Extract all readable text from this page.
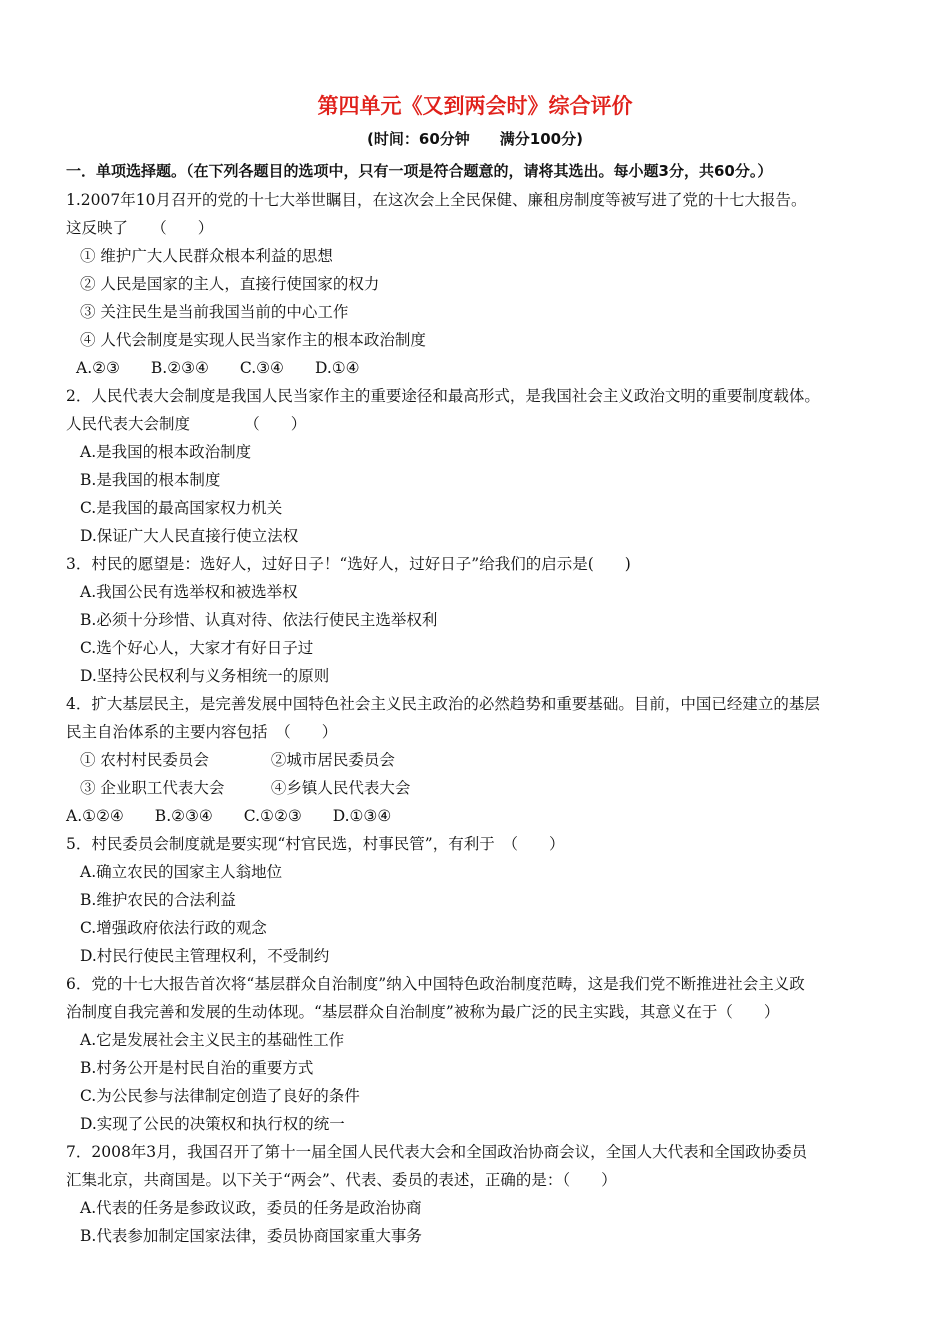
第四单元《又到两会时》综合评价
(时间：60分钟　　满分100分)
一．单项选择题。（在下列各题目的选项中，只有一项是符合题意的，请将其选出。每小题3分，共60分。）
1.2007年10月召开的党的十七大举世瞩目，在这次会上全民保健、廉租房制度等被写进了党的十七大报告。
这反映了　　（　　）
① 维护广大人民群众根本利益的思想
② 人民是国家的主人，直接行使国家的权力
③ 关注民生是当前我国当前的中心工作
④ 人代会制度是实现人民当家作主的根本政治制度
A.②③　　B.②③④　　C.③④　　D.①④
2．人民代表大会制度是我国人民当家作主的重要途径和最高形式，是我国社会主义政治文明的重要制度载体。
人民代表大会制度　　　　（　　）
A.是我国的根本政治制度
B.是我国的根本制度
C.是我国的最高国家权力机关
D.保证广大人民直接行使立法权
3．村民的愿望是：选好人，过好日子！“选好人，过好日子”给我们的启示是(　　)
A.我国公民有选举权和被选举权
B.必须十分珍惜、认真对待、依法行使民主选举权利
C.选个好心人，大家才有好日子过
D.坚持公民权利与义务相统一的原则
4．扩大基层民主，是完善发展中国特色社会主义民主政治的必然趋势和重要基础。目前，中国已经建立的基层
民主自治体系的主要内容包括　（　　）
① 农村村民委员会　　　　②城市居民委员会
③ 企业职工代表大会　　　④乡镇人民代表大会
A.①②④　　B.②③④　　C.①②③　　D.①③④
5．村民委员会制度就是要实现“村官民选，村事民管”，有利于　（　　）
A.确立农民的国家主人翁地位
B.维护农民的合法利益
C.增强政府依法行政的观念
D.村民行使民主管理权利，不受制约
6．党的十七大报告首次将“基层群众自治制度”纳入中国特色政治制度范畴，这是我们党不断推进社会主义政
治制度自我完善和发展的生动体现。“基层群众自治制度”被称为最广泛的民主实践，其意义在于（　　）
A.它是发展社会主义民主的基础性工作
B.村务公开是村民自治的重要方式
C.为公民参与法律制定创造了良好的条件
D.实现了公民的决策权和执行权的统一
7．2008年3月，我国召开了第十一届全国人民代表大会和全国政治协商会议，全国人大代表和全国政协委员
汇集北京，共商国是。以下关于“两会”、代表、委员的表述，正确的是：（　　）
A.代表的任务是参政议政，委员的任务是政治协商
B.代表参加制定国家法律，委员协商国家重大事务
